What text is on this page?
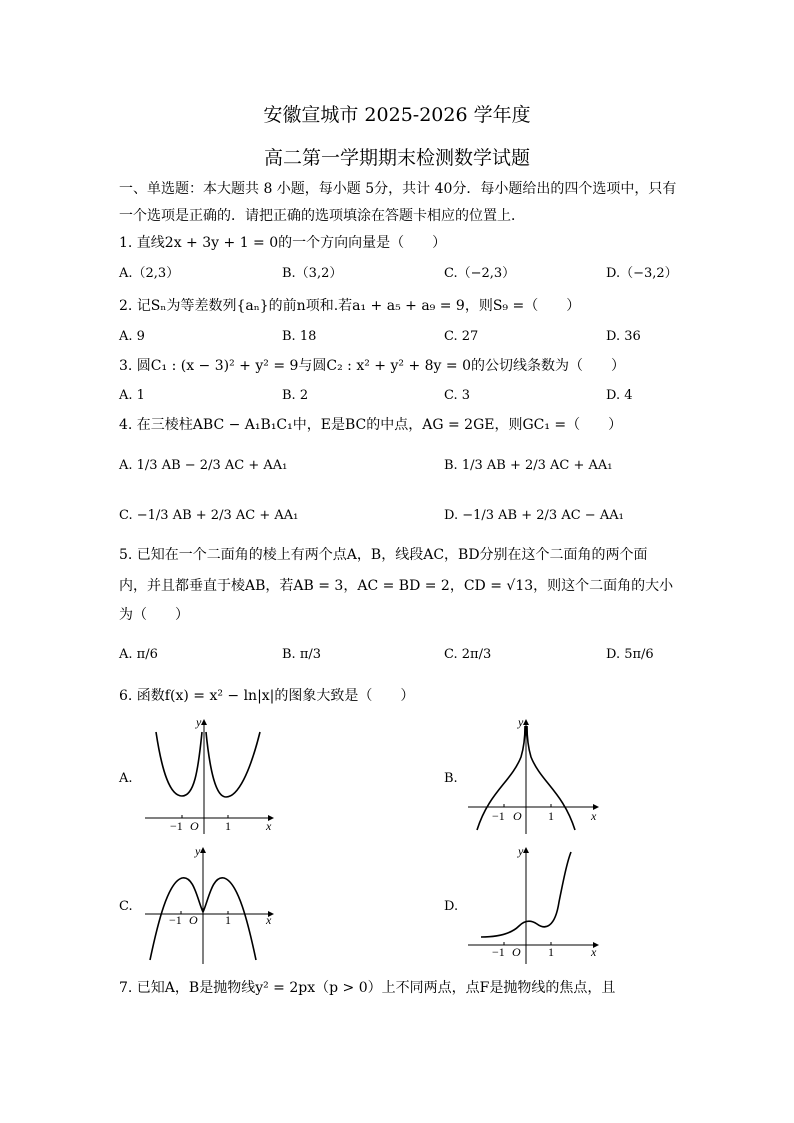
安徽宣城市 2025-2026 学年度
高二第一学期期末检测数学试题
一、单选题：本大题共 8 小题，每小题 5分，共计 40分．每小题给出的四个选项中，只有
一个选项是正确的．请把正确的选项填涂在答题卡相应的位置上．
1. 直线2x + 3y + 1 = 0的一个方向向量是（　　）
A.（2,3）	B.（3,2）	C.（−2,3）	D.（−3,2）
2. 记Sₙ为等差数列{aₙ}的前n项和.若a₁ + a₅ + a₉ = 9，则S₉ =（　　）
A. 9	B. 18	C. 27	D. 36
3. 圆C₁ : (x − 3)² + y² = 9与圆C₂ : x² + y² + 8y = 0的公切线条数为（　　）
A. 1	B. 2	C. 3	D. 4
4. 在三棱柱ABC − A₁B₁C₁中，E是BC的中点，AG = 2GE，则GC₁ =（　　）
A. 1/3 AB − 2/3 AC + AA₁	B. 1/3 AB + 2/3 AC + AA₁
C. −1/3 AB + 2/3 AC + AA₁	D. −1/3 AB + 2/3 AC − AA₁
5. 已知在一个二面角的棱上有两个点A，B，线段AC，BD分别在这个二面角的两个面
内，并且都垂直于棱AB，若AB = 3，AC = BD = 2，CD = √13，则这个二面角的大小
为（　　）
A. π/6	B. π/3	C. 2π/3	D. 5π/6
6. 函数f(x) = x² − ln|x|的图象大致是（　　）
A.	B.
C.	D.
y
x
O
−1	1
y
x
O
−1	1
y
x
O
−1	1
y
x
O
−1	1
7. 已知A，B是抛物线y² = 2px（p > 0）上不同两点，点F是抛物线的焦点，且
